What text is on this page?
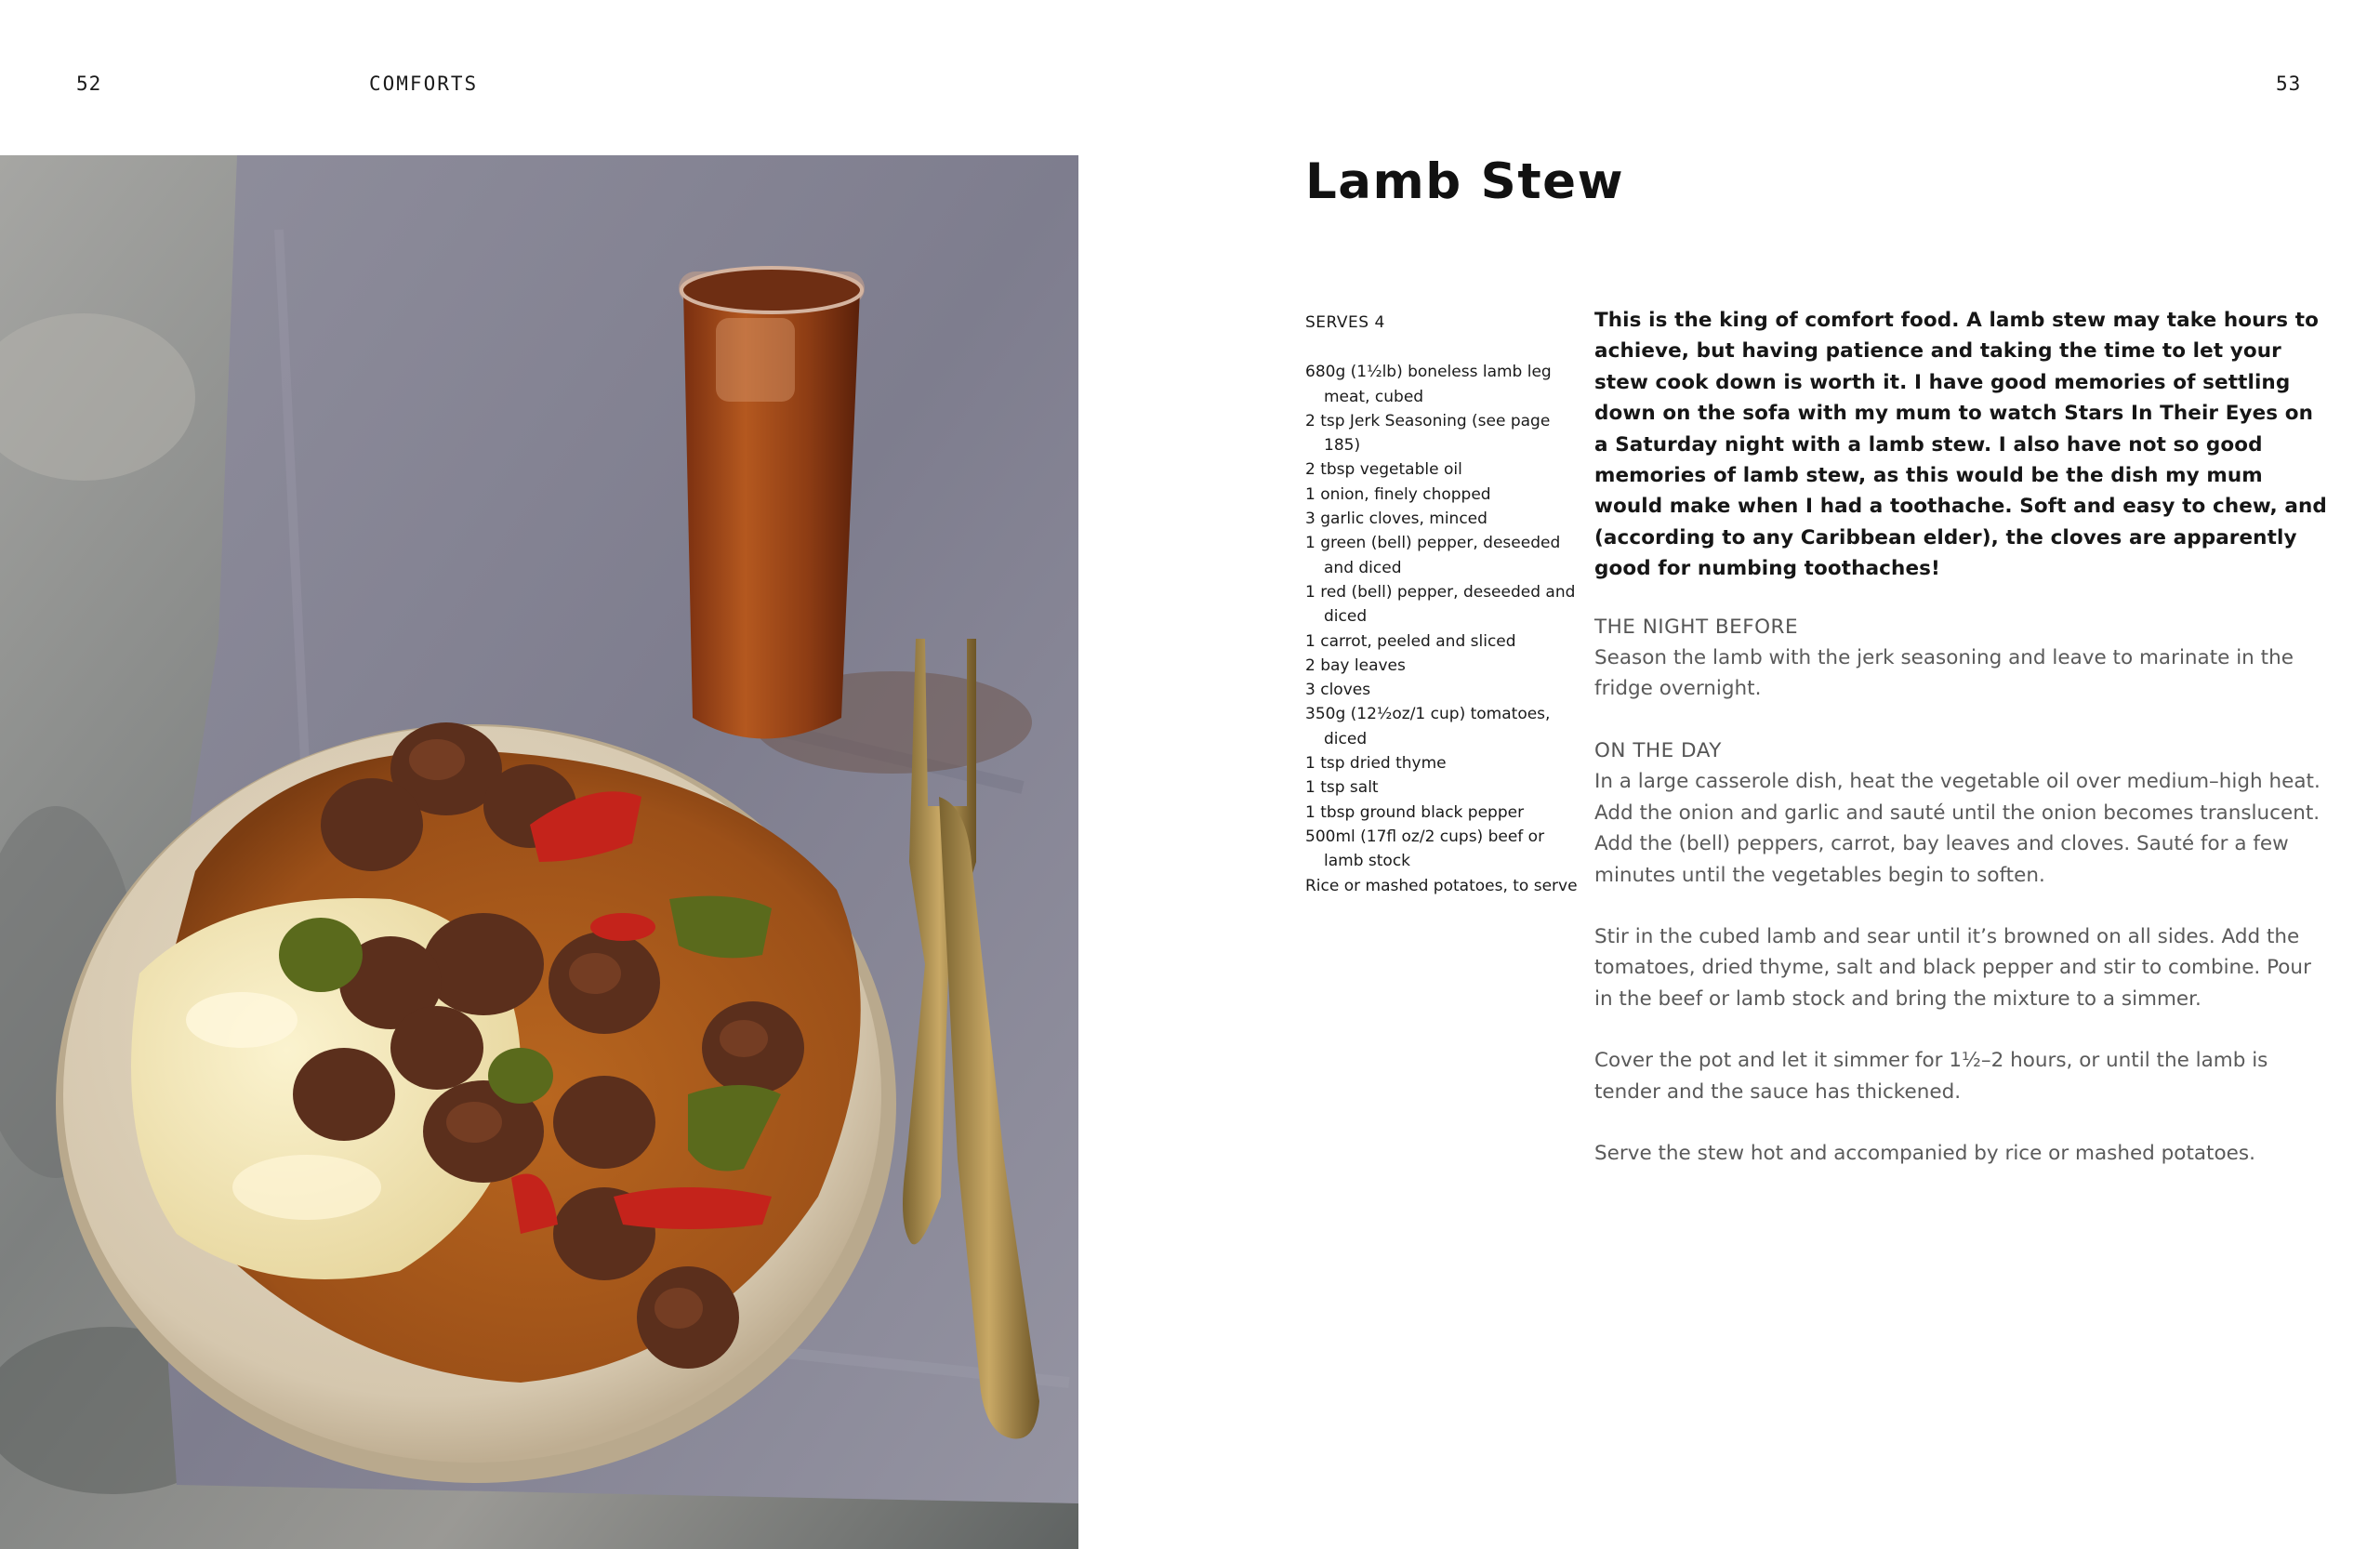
52	COMFORTS	53
Lamb Stew
SERVES 4
680g (1½lb) boneless lamb leg meat, cubed
2 tsp Jerk Seasoning (see page 185)
2 tbsp vegetable oil
1 onion, finely chopped
3 garlic cloves, minced
1 green (bell) pepper, deseeded and diced
1 red (bell) pepper, deseeded and diced
1 carrot, peeled and sliced
2 bay leaves
3 cloves
350g (12½oz/1 cup) tomatoes, diced
1 tsp dried thyme
1 tsp salt
1 tbsp ground black pepper
500ml (17fl oz/2 cups) beef or lamb stock
Rice or mashed potatoes, to serve

This is the king of comfort food. A lamb stew may take hours to achieve, but having patience and taking the time to let your stew cook down is worth it. I have good memories of settling down on the sofa with my mum to watch Stars In Their Eyes on a Saturday night with a lamb stew. I also have not so good memories of lamb stew, as this would be the dish my mum would make when I had a toothache. Soft and easy to chew, and (according to any Caribbean elder), the cloves are apparently good for numbing toothaches!

THE NIGHT BEFORE

Season the lamb with the jerk seasoning and leave to marinate in the fridge overnight.

ON THE DAY

In a large casserole dish, heat the vegetable oil over medium–high heat. Add the onion and garlic and sauté until the onion becomes translucent. Add the (bell) peppers, carrot, bay leaves and cloves. Sauté for a few minutes until the vegetables begin to soften.

Stir in the cubed lamb and sear until it’s browned on all sides. Add the tomatoes, dried thyme, salt and black pepper and stir to combine. Pour in the beef or lamb stock and bring the mixture to a simmer.

Cover the pot and let it simmer for 1½–2 hours, or until the lamb is tender and the sauce has thickened.

Serve the stew hot and accompanied by rice or mashed potatoes.
